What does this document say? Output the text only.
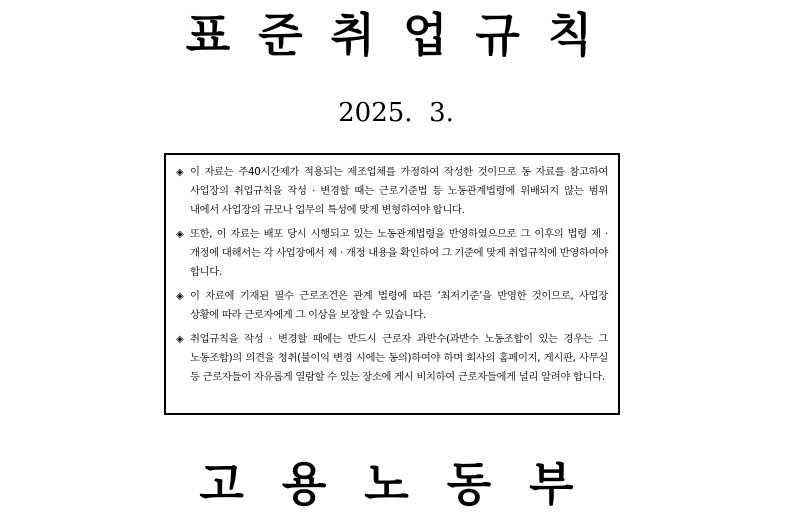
표준취업규칙
2025.  3.
◈ 이 자료는 주40시간제가 적용되는 제조업체를 가정하여 작성한 것이므로 동 자료를 참고하여 사업장의 취업규칙을 작성 · 변경할 때는 근로기준법 등 노동관계법령에 위배되지 않는 범위 내에서 사업장의 규모나 업무의 특성에 맞게 변형하여야 합니다.
◈ 또한, 이 자료는 배포 당시 시행되고 있는 노동관계법령을 반영하였으므로 그 이후의 법령 제 · 개정에 대해서는 각 사업장에서 제 · 개정 내용을 확인하여 그 기준에 맞게 취업규칙에 반영하여야 합니다.
◈ 이 자료에 기재된 필수 근로조건은 관계 법령에 따른 ‘최저기준’을 반영한 것이므로, 사업장 상황에 따라 근로자에게 그 이상을 보장할 수 있습니다.
◈ 취업규칙을 작성 · 변경할 때에는 반드시 근로자 과반수(과반수 노동조합이 있는 경우는 그 노동조합)의 의견을 청취(불이익 변경 시에는 동의)하여야 하며 회사의 홈페이지, 게시판, 사무실 등 근로자들이 자유롭게 열람할 수 있는 장소에 게시 비치하여 근로자들에게 널리 알려야 합니다.
고용노동부
